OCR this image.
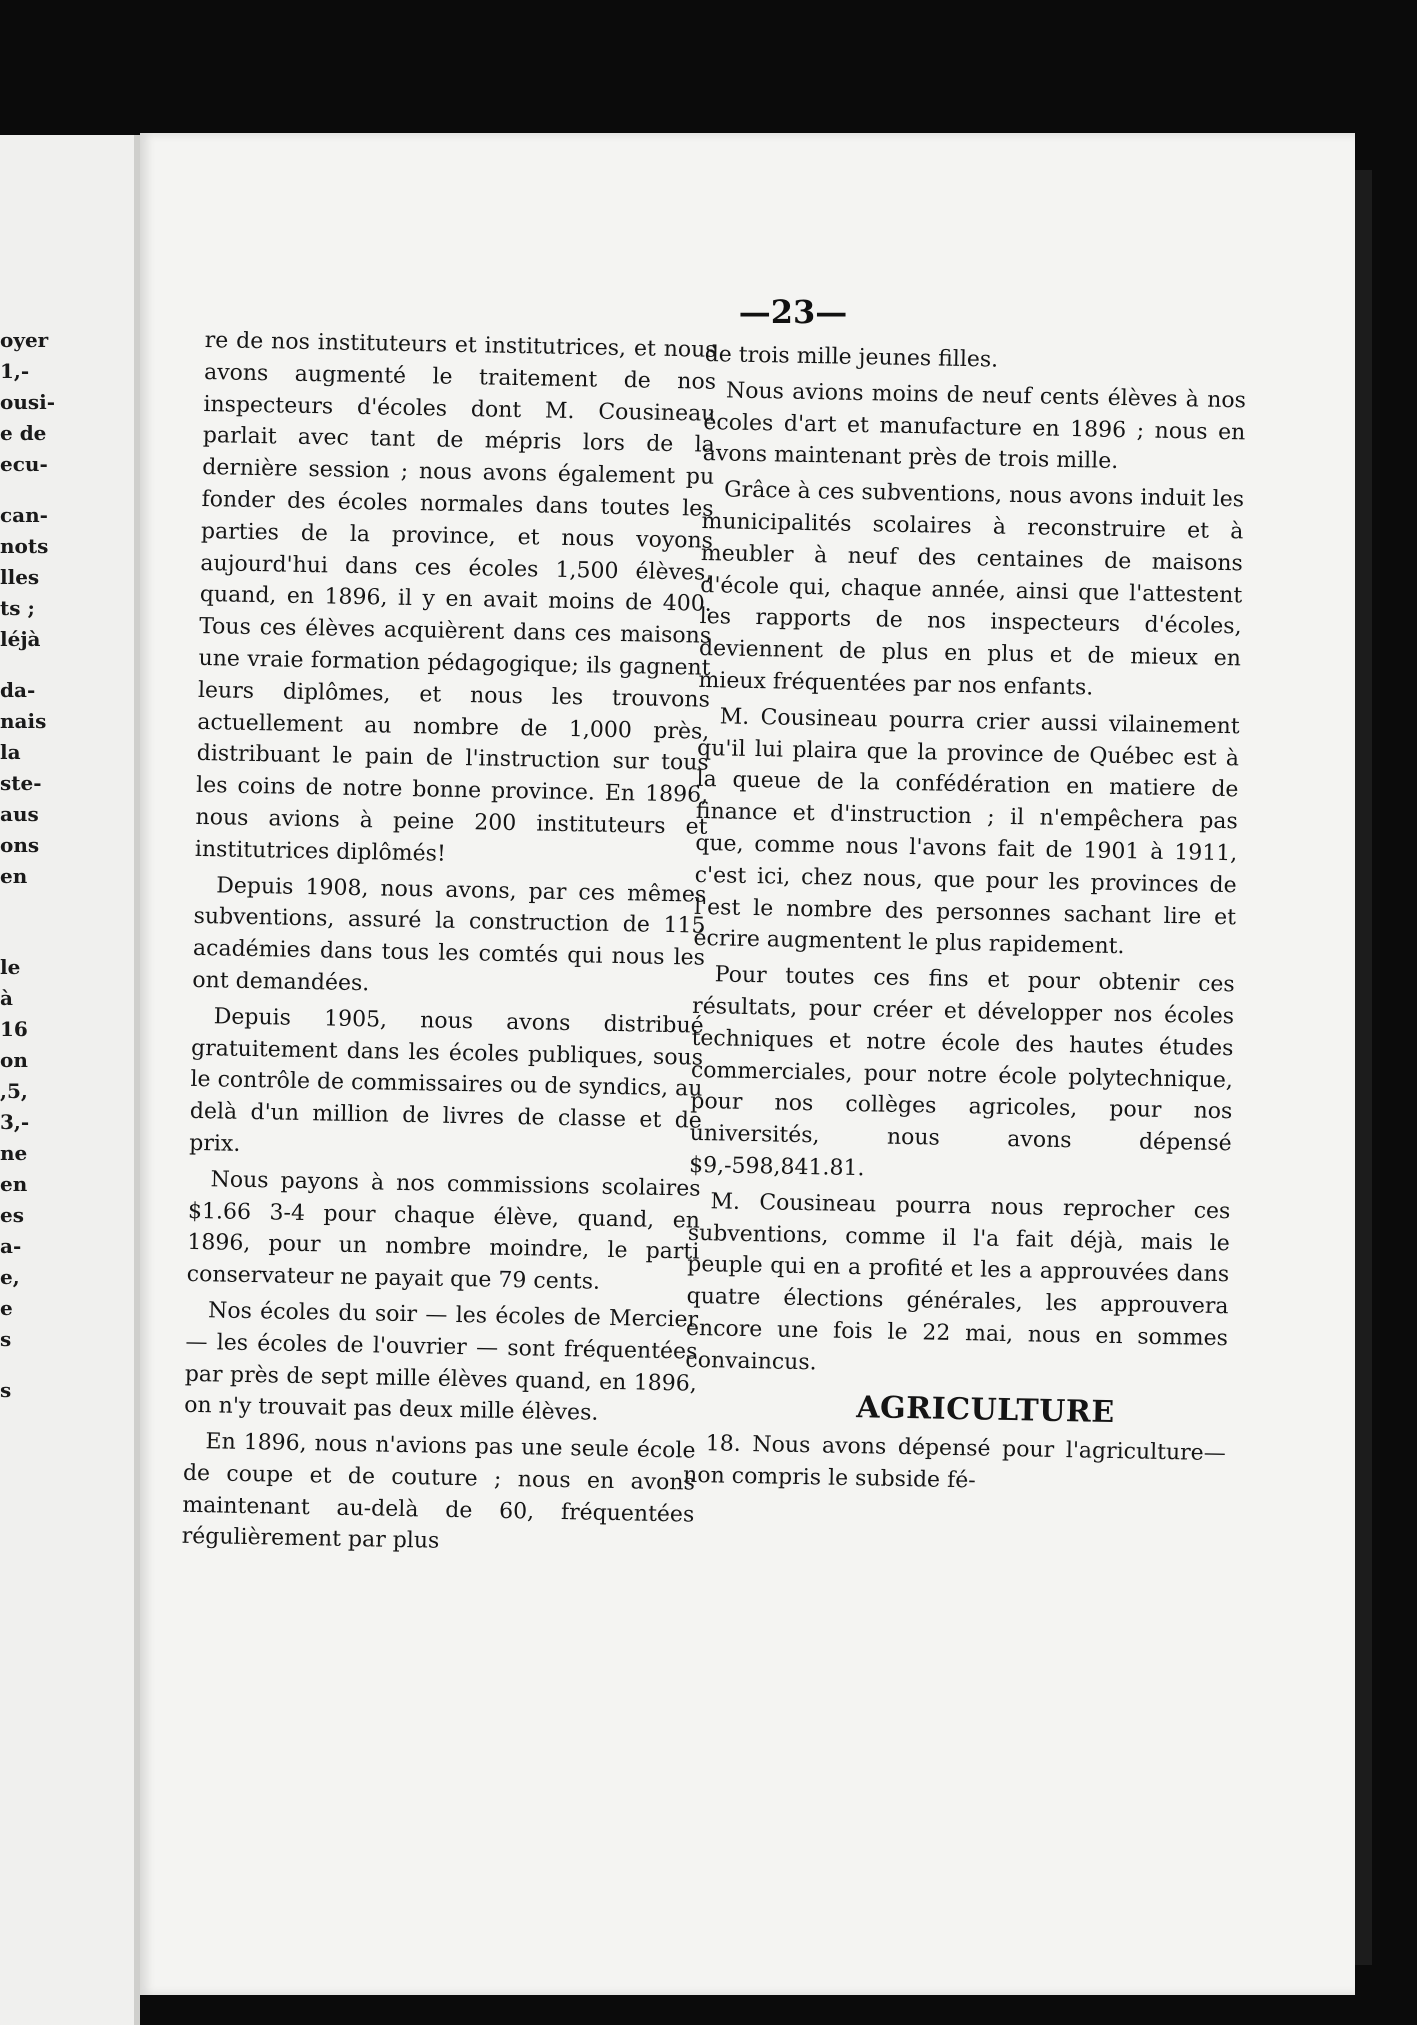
oyer
1,-
ousi-
e de
ecu-
can-
nots
lles
ts ;
léjà
da-
nais
la
ste-
aus
ons
en
le
à
16
on
,5,
3,-
ne
en
es
a-
e,
e
s
s
—23—

re de nos instituteurs et institutrices, et nous avons augmenté le traitement de nos inspecteurs d'écoles dont M. Cousineau parlait avec tant de mépris lors de la dernière session ; nous avons également pu fonder des écoles normales dans toutes les parties de la province, et nous voyons aujourd'hui dans ces écoles 1,500 élèves, quand, en 1896, il y en avait moins de 400. Tous ces élèves acquièrent dans ces maisons une vraie formation pédagogique; ils gagnent leurs diplômes, et nous les trouvons actuellement au nombre de 1,000 près, distribuant le pain de l'instruction sur tous les coins de notre bonne province. En 1896, nous avions à peine 200 instituteurs et institutrices diplômés!

Depuis 1908, nous avons, par ces mêmes subventions, assuré la construction de 115 académies dans tous les comtés qui nous les ont demandées.

Depuis 1905, nous avons distribué gratuitement dans les écoles publiques, sous le contrôle de commissaires ou de syndics, au delà d'un million de livres de classe et de prix.

Nous payons à nos commissions scolaires $1.66 3-4 pour chaque élève, quand, en 1896, pour un nombre moindre, le parti conservateur ne payait que 79 cents.

Nos écoles du soir — les écoles de Mercier — les écoles de l'ouvrier — sont fréquentées par près de sept mille élèves quand, en 1896, on n'y trouvait pas deux mille élèves.

En 1896, nous n'avions pas une seule école de coupe et de couture ; nous en avons maintenant au-delà de 60, fréquentées régulièrement par plus

de trois mille jeunes filles.

Nous avions moins de neuf cents élèves à nos écoles d'art et manufacture en 1896 ; nous en avons maintenant près de trois mille.

Grâce à ces subventions, nous avons induit les municipalités scolaires à reconstruire et à meubler à neuf des centaines de maisons d'école qui, chaque année, ainsi que l'attestent les rapports de nos inspecteurs d'écoles, deviennent de plus en plus et de mieux en mieux fréquentées par nos enfants.

M. Cousineau pourra crier aussi vilainement qu'il lui plaira que la province de Québec est à la queue de la confédération en matiere de finance et d'instruction ; il n'empêchera pas que, comme nous l'avons fait de 1901 à 1911, c'est ici, chez nous, que pour les provinces de l'est le nombre des personnes sachant lire et écrire augmentent le plus rapidement.

Pour toutes ces fins et pour obtenir ces résultats, pour créer et développer nos écoles techniques et notre école des hautes études commerciales, pour notre école polytechnique, pour nos collèges agricoles, pour nos universités, nous avons dépensé $9,-598,841.81.

M. Cousineau pourra nous reprocher ces subventions, comme il l'a fait déjà, mais le peuple qui en a profité et les a approuvées dans quatre élections générales, les approuvera encore une fois le 22 mai, nous en sommes convaincus.

AGRICULTURE

18. Nous avons dépensé pour l'agriculture—non compris le subside fé-
